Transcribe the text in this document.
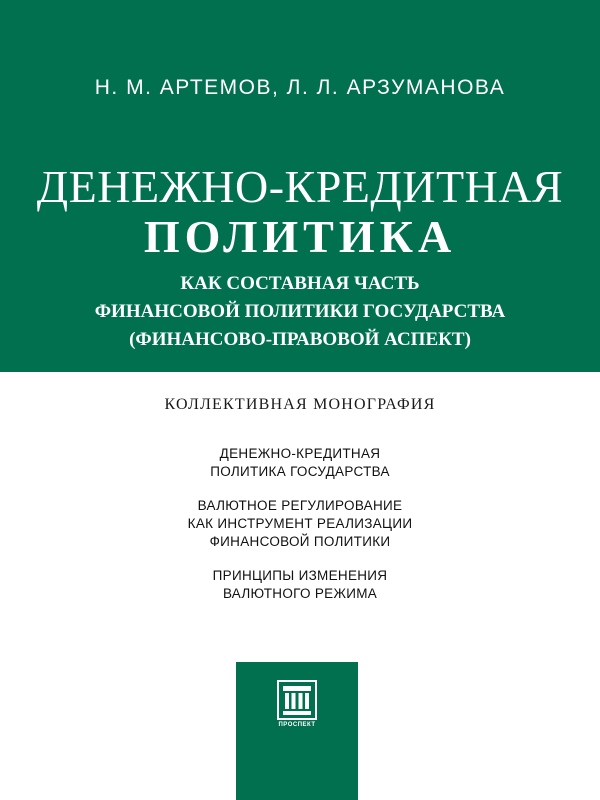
Н. М. АРТЕМОВ, Л. Л. АРЗУМАНОВА
ДЕНЕЖНО-КРЕДИТНАЯ
ПОЛИТИКА
КАК СОСТАВНАЯ ЧАСТЬ
ФИНАНСОВОЙ ПОЛИТИКИ ГОСУДАРСТВА
(ФИНАНСОВО-ПРАВОВОЙ АСПЕКТ)
КОЛЛЕКТИВНАЯ МОНОГРАФИЯ
ДЕНЕЖНО-КРЕДИТНАЯ
ПОЛИТИКА ГОСУДАРСТВА
ВАЛЮТНОЕ РЕГУЛИРОВАНИЕ
КАК ИНСТРУМЕНТ РЕАЛИЗАЦИИ
ФИНАНСОВОЙ ПОЛИТИКИ
ПРИНЦИПЫ ИЗМЕНЕНИЯ
ВАЛЮТНОГО РЕЖИМА
ПРОСПЕКТ
